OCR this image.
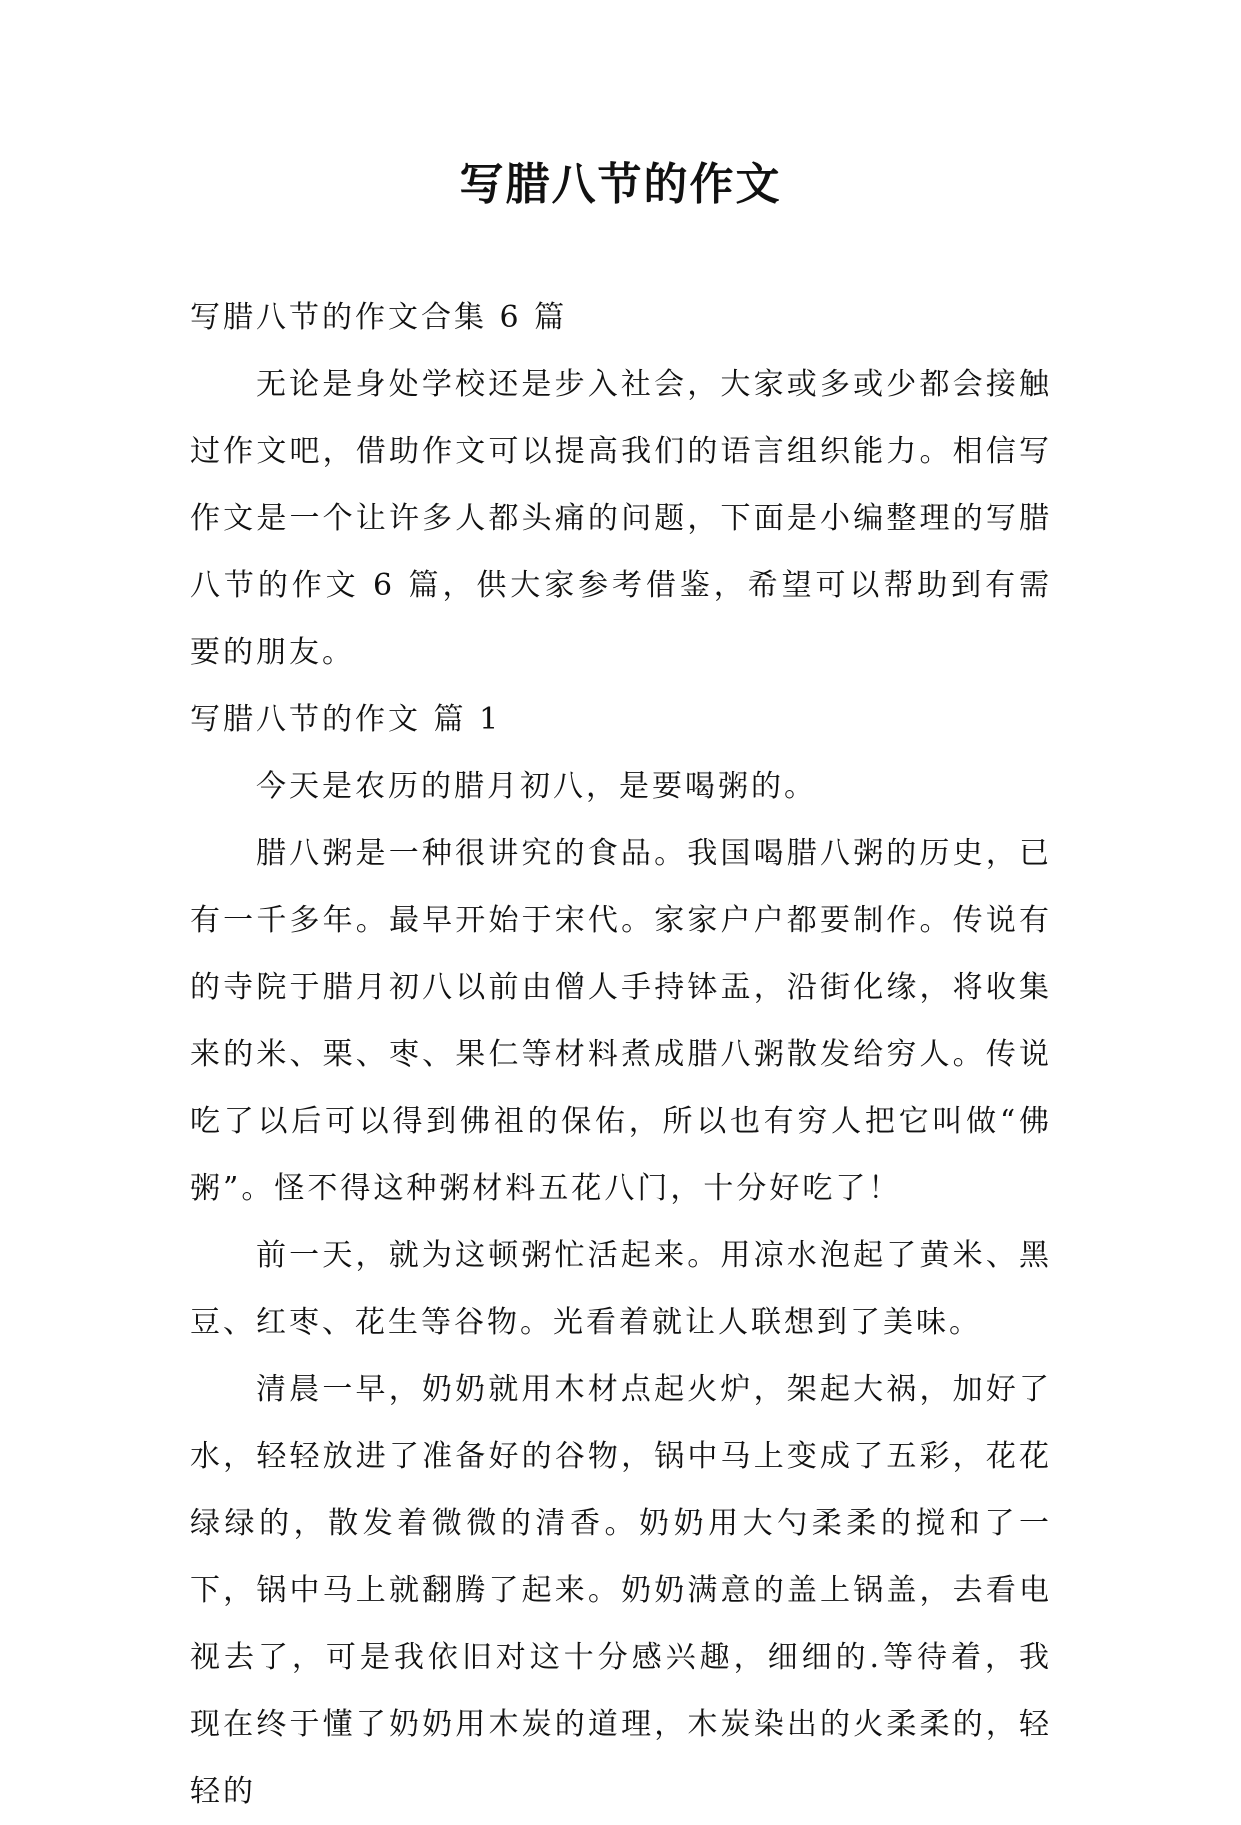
写腊八节的作文

写腊八节的作文合集 6 篇

无论是身处学校还是步入社会，大家或多或少都会接触过作文吧，借助作文可以提高我们的语言组织能力。相信写作文是一个让许多人都头痛的问题，下面是小编整理的写腊八节的作文 6 篇，供大家参考借鉴，希望可以帮助到有需要的朋友。

写腊八节的作文 篇 1

今天是农历的腊月初八，是要喝粥的。

腊八粥是一种很讲究的食品。我国喝腊八粥的历史，已有一千多年。最早开始于宋代。家家户户都要制作。传说有的寺院于腊月初八以前由僧人手持钵盂，沿街化缘，将收集来的米、栗、枣、果仁等材料煮成腊八粥散发给穷人。传说吃了以后可以得到佛祖的保佑，所以也有穷人把它叫做“佛粥”。怪不得这种粥材料五花八门，十分好吃了！

前一天，就为这顿粥忙活起来。用凉水泡起了黄米、黑豆、红枣、花生等谷物。光看着就让人联想到了美味。

清晨一早，奶奶就用木材点起火炉，架起大祸，加好了水，轻轻放进了准备好的谷物，锅中马上变成了五彩，花花绿绿的，散发着微微的清香。奶奶用大勺柔柔的搅和了一下，锅中马上就翻腾了起来。奶奶满意的盖上锅盖，去看电视去了，可是我依旧对这十分感兴趣，细细的.等待着，我现在终于懂了奶奶用木炭的道理，木炭染出的火柔柔的，轻轻的
